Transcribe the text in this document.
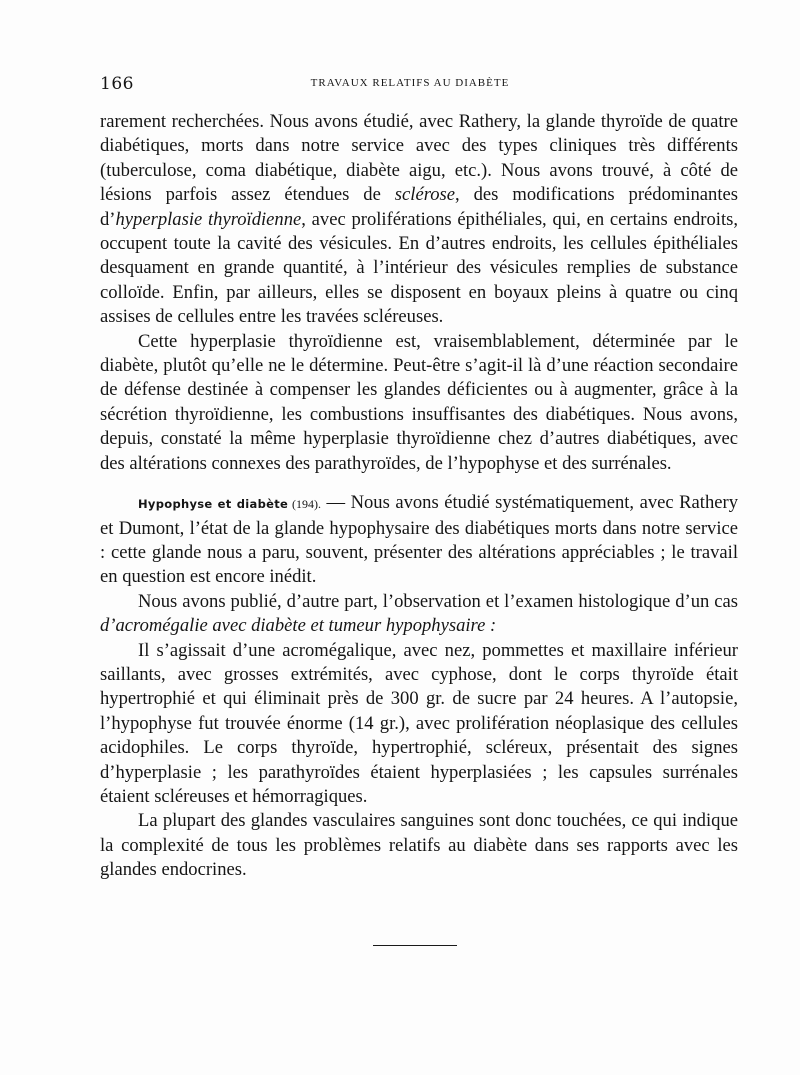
166	TRAVAUX RELATIFS AU DIABÈTE

rarement recherchées. Nous avons étudié, avec Rathery, la glande thyroïde de quatre diabétiques, morts dans notre service avec des types cliniques très différents (tuberculose, coma diabétique, diabète aigu, etc.). Nous avons trouvé, à côté de lésions parfois assez étendues de sclérose, des modifications prédominantes d’hyperplasie thyroïdienne, avec proliférations épithéliales, qui, en certains endroits, occupent toute la cavité des vésicules. En d’autres endroits, les cellules épithéliales desquament en grande quantité, à l’intérieur des vésicules remplies de substance colloïde. Enfin, par ailleurs, elles se disposent en boyaux pleins à quatre ou cinq assises de cellules entre les travées scléreuses.

Cette hyperplasie thyroïdienne est, vraisemblablement, déterminée par le diabète, plutôt qu’elle ne le détermine. Peut-être s’agit-il là d’une réaction secondaire de défense destinée à compenser les glandes déficientes ou à augmenter, grâce à la sécrétion thyroïdienne, les combustions insuffisantes des diabétiques. Nous avons, depuis, constaté la même hyperplasie thyroïdienne chez d’autres diabétiques, avec des altérations connexes des parathyroïdes, de l’hypophyse et des surrénales.

Hypophyse et diabète (194). — Nous avons étudié systématiquement, avec Rathery et Dumont, l’état de la glande hypophysaire des diabétiques morts dans notre service : cette glande nous a paru, souvent, présenter des altérations appréciables ; le travail en question est encore inédit.

Nous avons publié, d’autre part, l’observation et l’examen histologique d’un cas d’acromégalie avec diabète et tumeur hypophysaire :

Il s’agissait d’une acromégalique, avec nez, pommettes et maxillaire inférieur saillants, avec grosses extrémités, avec cyphose, dont le corps thyroïde était hypertrophié et qui éliminait près de 300 gr. de sucre par 24 heures. A l’autopsie, l’hypophyse fut trouvée énorme (14 gr.), avec prolifération néoplasique des cellules acidophiles. Le corps thyroïde, hypertrophié, scléreux, présentait des signes d’hyperplasie ; les parathyroïdes étaient hyperplasiées ; les capsules surrénales étaient scléreuses et hémorragiques.

La plupart des glandes vasculaires sanguines sont donc touchées, ce qui indique la complexité de tous les problèmes relatifs au diabète dans ses rapports avec les glandes endocrines.
